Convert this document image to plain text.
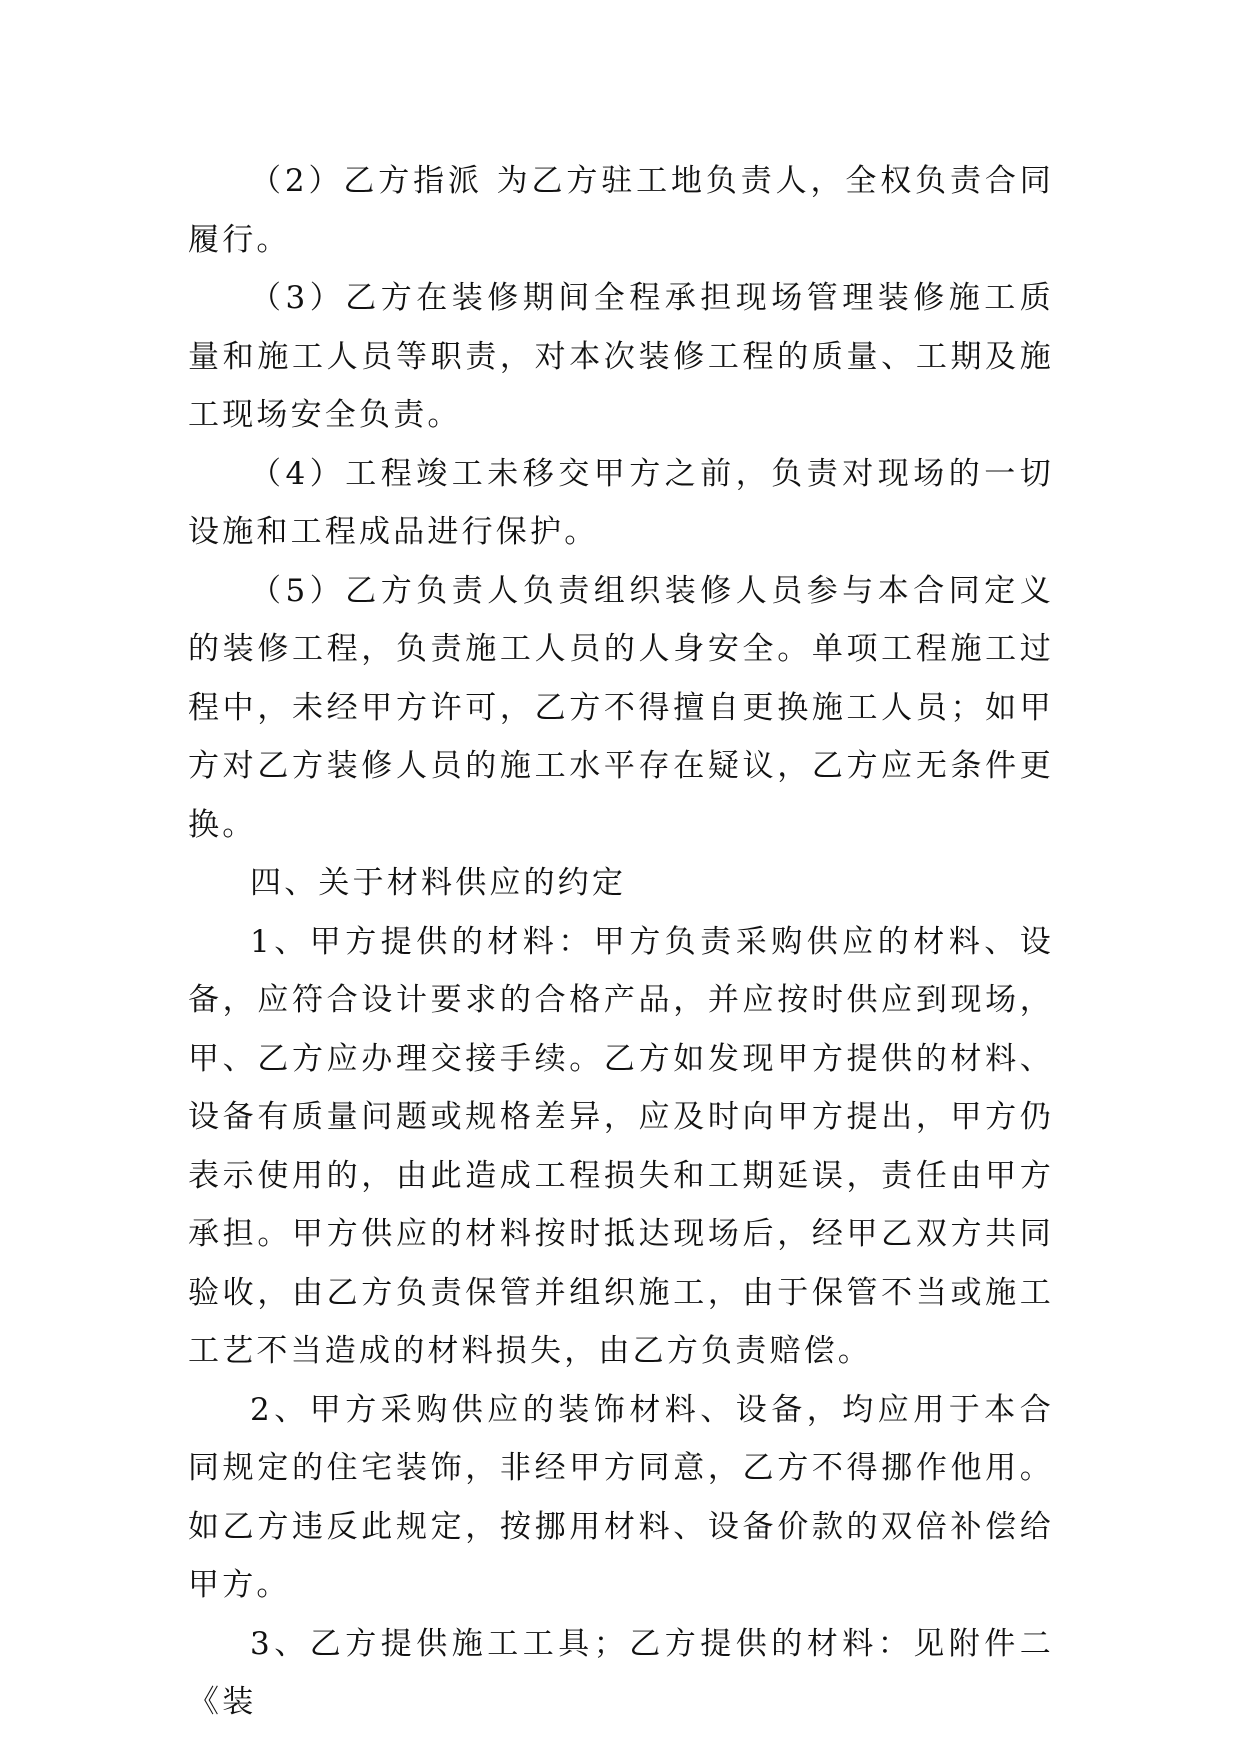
（2）乙方指派 为乙方驻工地负责人，全权负责合同履行。

（3）乙方在装修期间全程承担现场管理装修施工质量和施工人员等职责，对本次装修工程的质量、工期及施工现场安全负责。

（4）工程竣工未移交甲方之前，负责对现场的一切设施和工程成品进行保护。

（5）乙方负责人负责组织装修人员参与本合同定义的装修工程，负责施工人员的人身安全。单项工程施工过程中，未经甲方许可，乙方不得擅自更换施工人员；如甲方对乙方装修人员的施工水平存在疑议，乙方应无条件更换。

四、关于材料供应的约定

1、甲方提供的材料：甲方负责采购供应的材料、设备，应符合设计要求的合格产品，并应按时供应到现场，甲、乙方应办理交接手续。乙方如发现甲方提供的材料、设备有质量问题或规格差异，应及时向甲方提出，甲方仍表示使用的，由此造成工程损失和工期延误，责任由甲方承担。甲方供应的材料按时抵达现场后，经甲乙双方共同验收，由乙方负责保管并组织施工，由于保管不当或施工工艺不当造成的材料损失，由乙方负责赔偿。

2、甲方采购供应的装饰材料、设备，均应用于本合同规定的住宅装饰，非经甲方同意，乙方不得挪作他用。如乙方违反此规定，按挪用材料、设备价款的双倍补偿给甲方。

3、乙方提供施工工具；乙方提供的材料：见附件二《装
